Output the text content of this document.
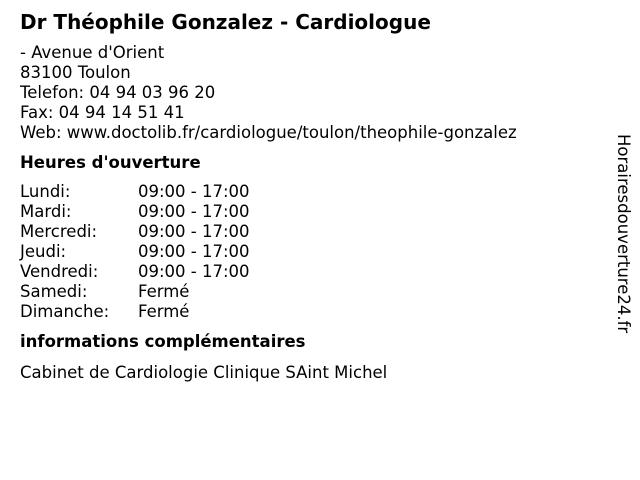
Dr Théophile Gonzalez - Cardiologue
- Avenue d'Orient
83100 Toulon
Telefon: 04 94 03 96 20
Fax: 04 94 14 51 41
Web: www.doctolib.fr/cardiologue/toulon/theophile-gonzalez
Heures d'ouverture
Lundi:	09:00 - 17:00
Mardi:	09:00 - 17:00
Mercredi:	09:00 - 17:00
Jeudi:	09:00 - 17:00
Vendredi:	09:00 - 17:00
Samedi:	Fermé
Dimanche:	Fermé
informations complémentaires
Cabinet de Cardiologie Clinique SAint Michel
Horairesdouverture24.fr
